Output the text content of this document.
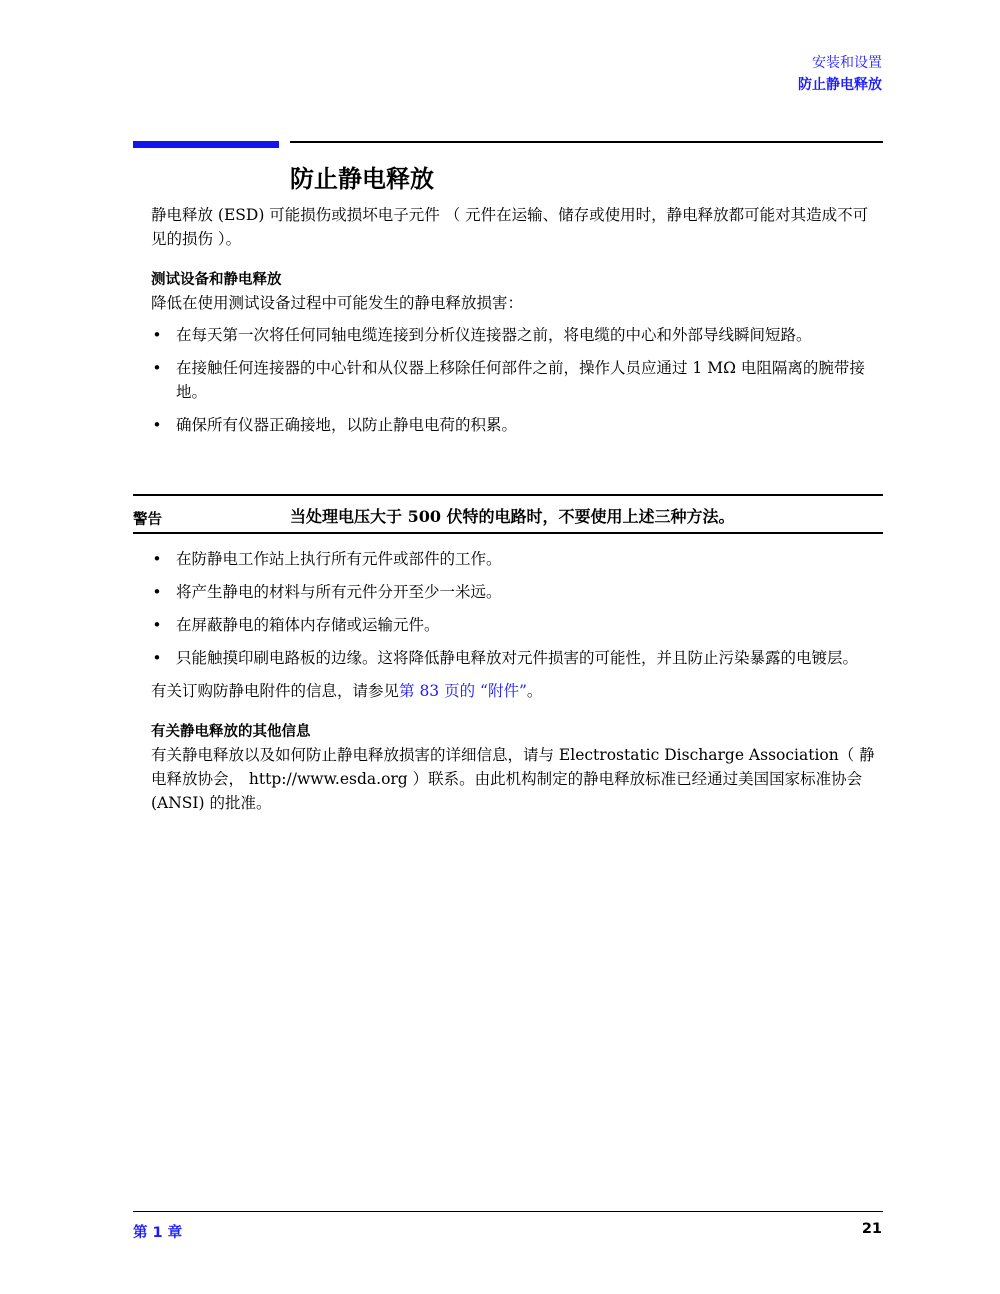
安装和设置
防止静电释放
防止静电释放

静电释放 (ESD) 可能损伤或损坏电子元件 （ 元件在运输、储存或使用时，静电释放都可能对其造成不可见的损伤 ）。

测试设备和静电释放

降低在使用测试设备过程中可能发生的静电释放损害：

• 在每天第一次将任何同轴电缆连接到分析仪连接器之前，将电缆的中心和外部导线瞬间短路。
• 在接触任何连接器的中心针和从仪器上移除任何部件之前，操作人员应通过 1 MΩ 电阻隔离的腕带接地。
• 确保所有仪器正确接地，以防止静电电荷的积累。
警告	当处理电压大于 500 伏特的电路时，不要使用上述三种方法。
• 在防静电工作站上执行所有元件或部件的工作。
• 将产生静电的材料与所有元件分开至少一米远。
• 在屏蔽静电的箱体内存储或运输元件。
• 只能触摸印刷电路板的边缘。这将降低静电释放对元件损害的可能性，并且防止污染暴露的电镀层。

有关订购防静电附件的信息，请参见第 83 页的 “附件”。

有关静电释放的其他信息

有关静电释放以及如何防止静电释放损害的详细信息，请与 Electrostatic Discharge Association（ 静电释放协会， http://www.esda.org ）联系。由此机构制定的静电释放标准已经通过美国国家标准协会 (ANSI) 的批准。

第 1 章	21
